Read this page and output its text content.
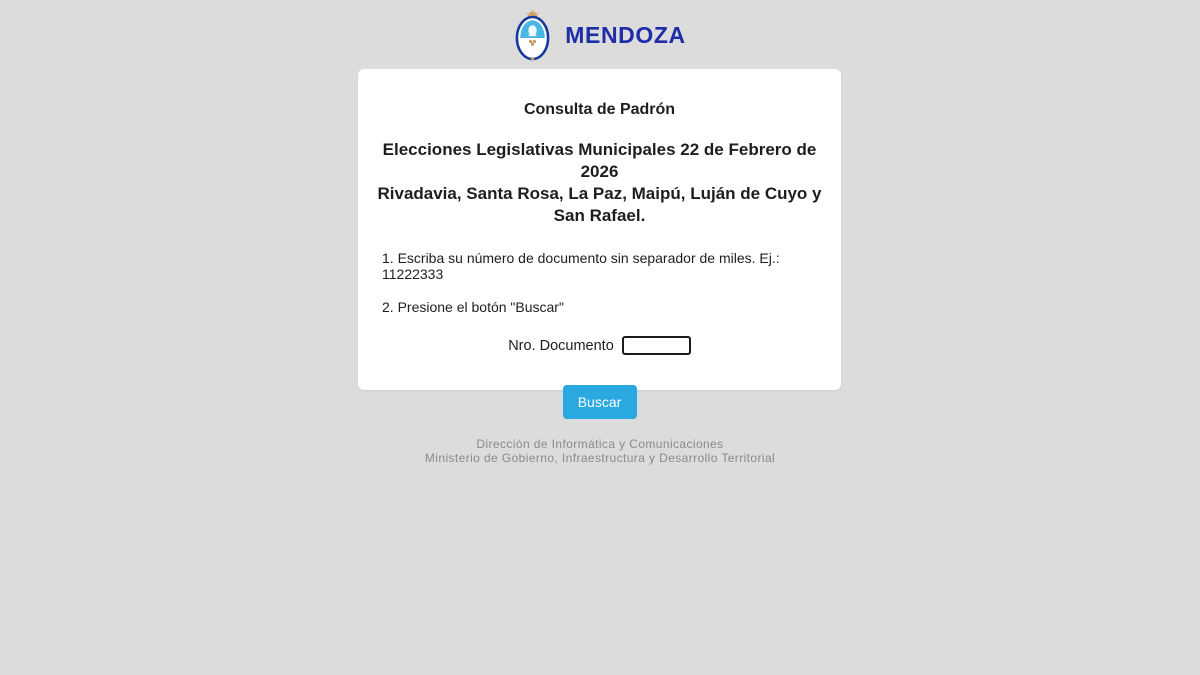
MENDOZA
Consulta de Padrón
Elecciones Legislativas Municipales 22 de Febrero de 2026
Rivadavia, Santa Rosa, La Paz, Maipú, Luján de Cuyo y San Rafael.

1. Escriba su número de documento sin separador de miles. Ej.: 11222333

2. Presione el botón "Buscar"

Nro. Documento
Buscar
Dirección de Informática y Comunicaciones
Ministerio de Gobierno, Infraestructura y Desarrollo Territorial
